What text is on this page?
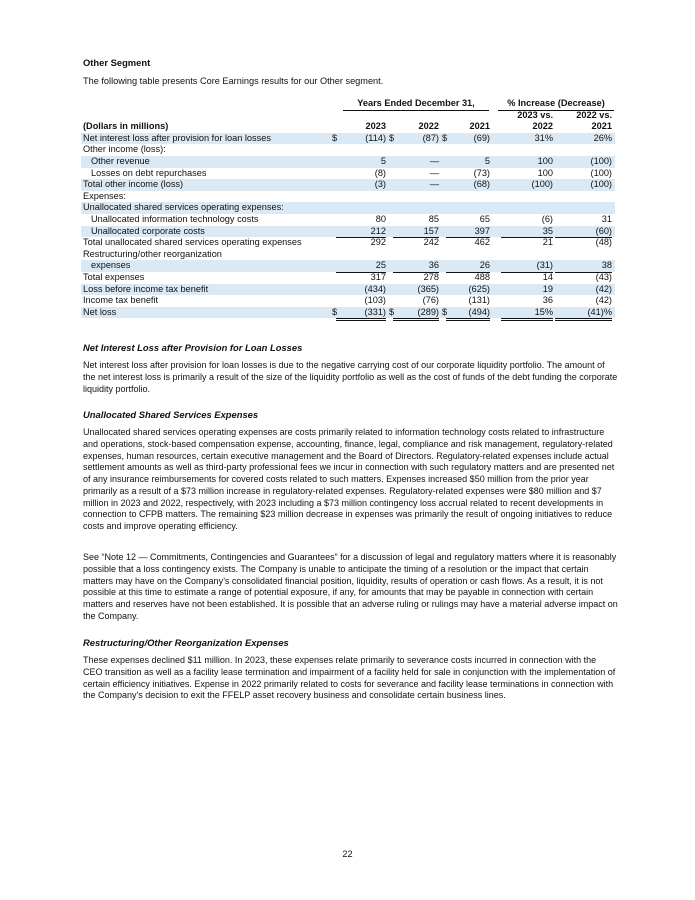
Other Segment
The following table presents Core Earnings results for our Other segment.
Years Ended December 31,	% Increase (Decrease)
2023 vs.	2022 vs.
(Dollars in millions)	2023	2022	2021	2022	2021
Net interest loss after provision for loan losses	$	(114) $	(87) $	(69)	31%	26%
Other income (loss):
Other revenue	5	—	5	100	(100)
Losses on debt repurchases	(8)	—	(73)	100	(100)
Total other income (loss)	(3)	—	(68)	(100)	(100)
Expenses:
Unallocated shared services operating expenses:
Unallocated information technology costs	80	85	65	(6)	31
Unallocated corporate costs	212	157	397	35	(60)
Total unallocated shared services operating expenses	292	242	462	21	(48)
Restructuring/other reorganization
expenses	25	36	26	(31)	38
Total expenses	317	278	488	14	(43)
Loss before income tax benefit	(434)	(365)	(625)	19	(42)
Income tax benefit	(103)	(76)	(131)	36	(42)
Net loss	$	(331) $	(289) $	(494)	15%	(41)%
Net Interest Loss after Provision for Loan Losses
Net interest loss after provision for loan losses is due to the negative carrying cost of our corporate liquidity portfolio. The amount of the net interest loss is primarily a result of the size of the liquidity portfolio as well as the cost of funds of the debt funding the corporate liquidity portfolio.
Unallocated Shared Services Expenses
Unallocated shared services operating expenses are costs primarily related to information technology costs related to infrastructure and operations, stock-based compensation expense, accounting, finance, legal, compliance and risk management, regulatory-related expenses, human resources, certain executive management and the Board of Directors. Regulatory-related expenses include actual settlement amounts as well as third-party professional fees we incur in connection with such regulatory matters and are presented net of any insurance reimbursements for covered costs related to such matters. Expenses increased $50 million from the prior year primarily as a result of a $73 million increase in regulatory-related expenses. Regulatory-related expenses were $80 million and $7 million in 2023 and 2022, respectively, with 2023 including a $73 million contingency loss accrual related to recent developments in connection to CFPB matters. The remaining $23 million decrease in expenses was primarily the result of ongoing initiatives to reduce costs and improve operating efficiency.
See “Note 12 — Commitments, Contingencies and Guarantees” for a discussion of legal and regulatory matters where it is reasonably possible that a loss contingency exists. The Company is unable to anticipate the timing of a resolution or the impact that certain matters may have on the Company’s consolidated financial position, liquidity, results of operation or cash flows. As a result, it is not possible at this time to estimate a range of potential exposure, if any, for amounts that may be payable in connection with certain matters and reserves have not been established. It is possible that an adverse ruling or rulings may have a material adverse impact on the Company.
Restructuring/Other Reorganization Expenses
These expenses declined $11 million. In 2023, these expenses relate primarily to severance costs incurred in connection with the CEO transition as well as a facility lease termination and impairment of a facility held for sale in conjunction with the implementation of certain efficiency initiatives. Expense in 2022 primarily related to costs for severance and facility lease terminations in connection with the Company's decision to exit the FFELP asset recovery business and consolidate certain business lines.
22
